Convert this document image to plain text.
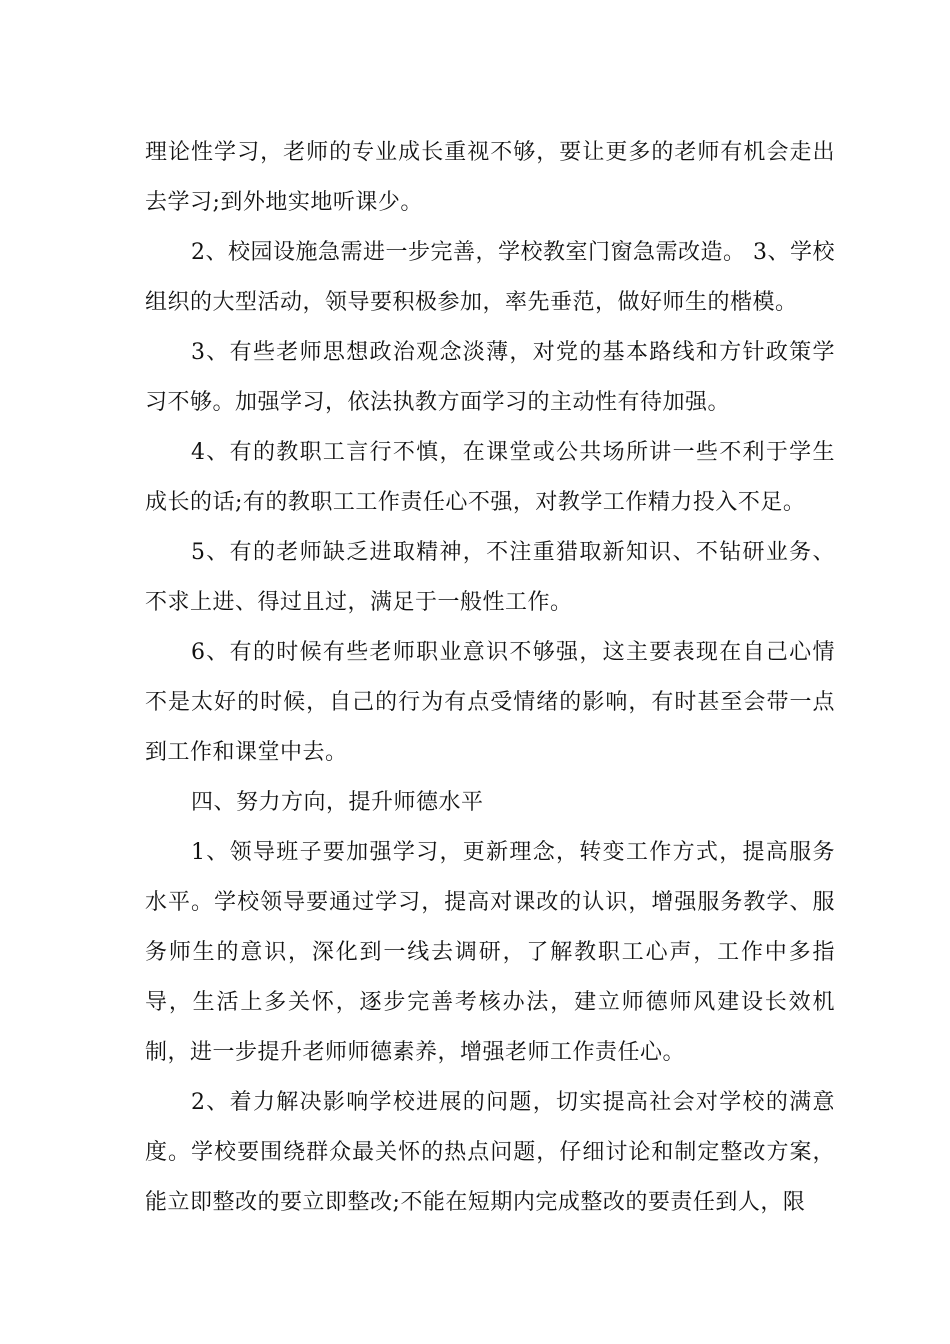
理论性学习，老师的专业成长重视不够，要让更多的老师有机会走出去学习;到外地实地听课少。

2、校园设施急需进一步完善，学校教室门窗急需改造。 3、学校组织的大型活动，领导要积极参加，率先垂范，做好师生的楷模。

3、有些老师思想政治观念淡薄，对党的基本路线和方针政策学习不够。加强学习，依法执教方面学习的主动性有待加强。

4、有的教职工言行不慎，在课堂或公共场所讲一些不利于学生成长的话;有的教职工工作责任心不强，对教学工作精力投入不足。

5、有的老师缺乏进取精神，不注重猎取新知识、不钻研业务、不求上进、得过且过，满足于一般性工作。

6、有的时候有些老师职业意识不够强，这主要表现在自己心情不是太好的时候，自己的行为有点受情绪的影响，有时甚至会带一点到工作和课堂中去。

四、努力方向，提升师德水平

1、领导班子要加强学习，更新理念，转变工作方式，提高服务水平。学校领导要通过学习，提高对课改的认识，增强服务教学、服务师生的意识，深化到一线去调研，了解教职工心声，工作中多指导，生活上多关怀，逐步完善考核办法，建立师德师风建设长效机制，进一步提升老师师德素养，增强老师工作责任心。

2、着力解决影响学校进展的问题，切实提高社会对学校的满意度。学校要围绕群众最关怀的热点问题，仔细讨论和制定整改方案，能立即整改的要立即整改;不能在短期内完成整改的要责任到人，限
